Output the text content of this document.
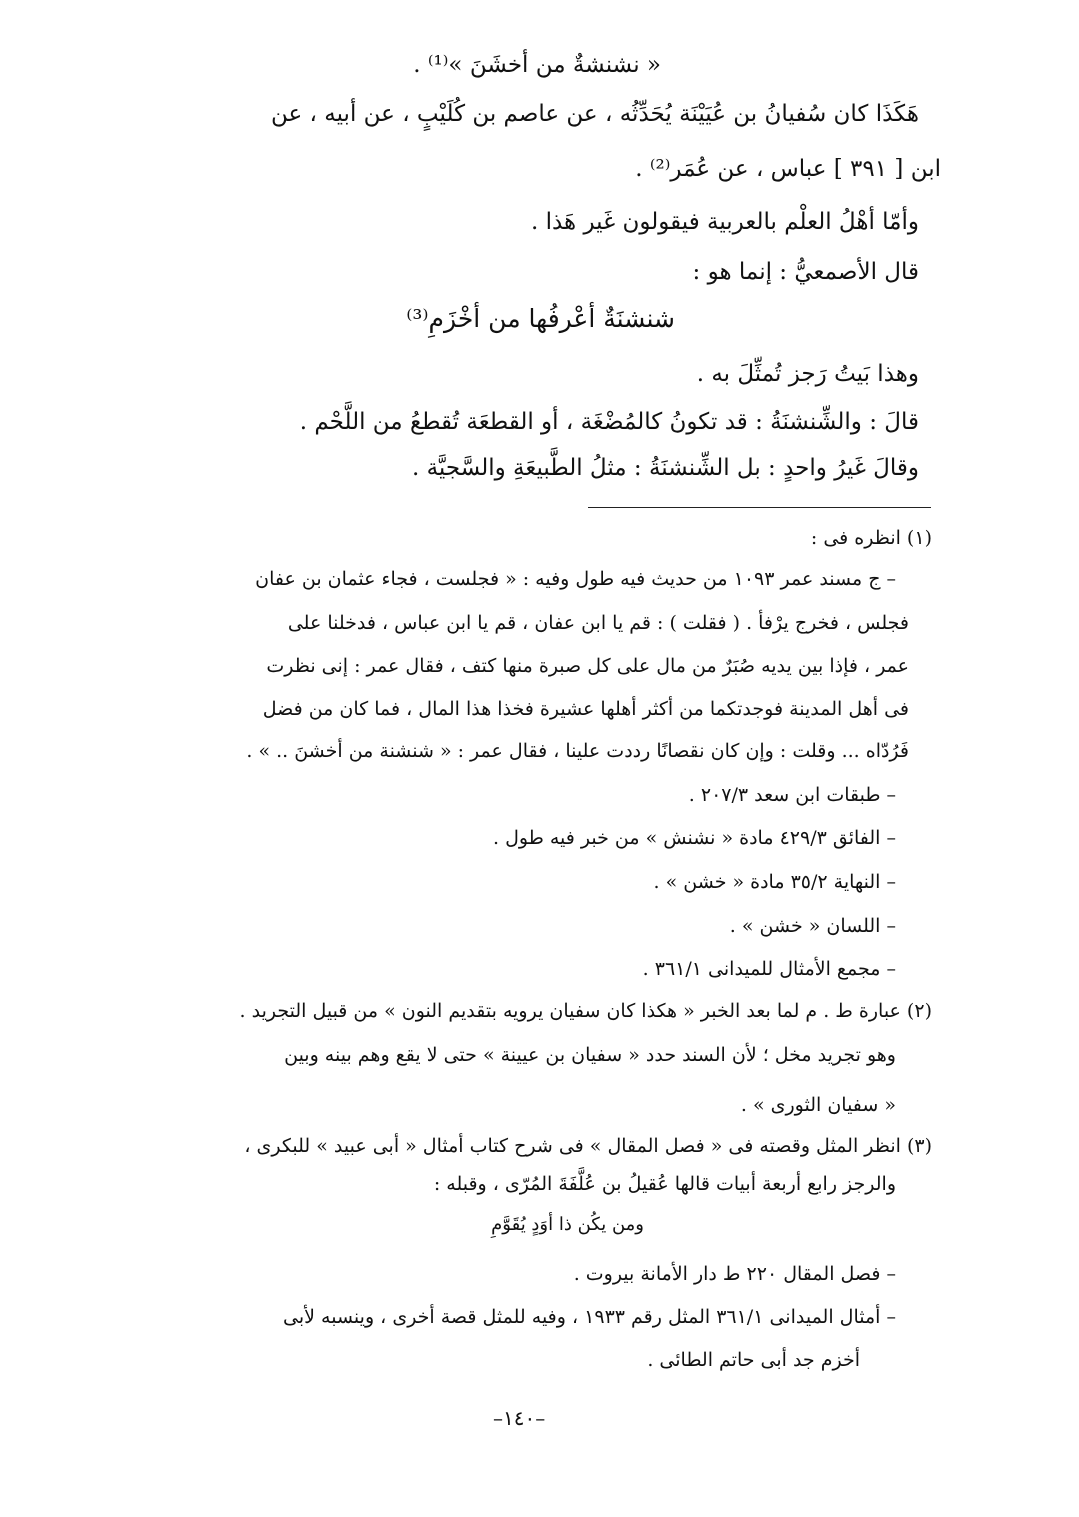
« نشنشةٌ من أخشَنَ »⁽¹⁾ .
هَكَذَا كان سُفيانُ بن عُيَيْنَة يُحَدِّثُه ، عن عاصم بن كُلَيْبٍ ، عن أبيه ، عن
ابن [ ٣٩١ ] عباس ، عن عُمَر⁽²⁾ .
وأمّا أهْلُ العلْم بالعربية فيقولون غَير هَذا .
قال الأصمعيُّ : إنما هو :
شنشنَةٌ أعْرفُها من أخْزَمِ⁽³⁾
وهذا بَيتُ رَجز تُمثِّلَ به .
قالَ : والشِّنشنَةُ : قد تكونُ كالمُضْغَة ، أو القطعَة تُقطعُ من اللَّحْم .
وقالَ غَيرُ واحدٍ : بل الشِّنشنَةُ : مثلُ الطَّبيعَةِ والسَّجيَّة .
(١) انظره فى :
– ج مسند عمر ١٠٩٣ من حديث فيه طول وفيه : « فجلست ، فجاء عثمان بن عفان
فجلس ، فخرج يرْفأ . ( فقلت ) : قم يا ابن عفان ، قم يا ابن عباس ، فدخلنا على
عمر ، فإذا بين يديه صُبَرٌ من مال على كل صبرة منها كتف ، فقال عمر : إنى نظرت
فى أهل المدينة فوجدتكما من أكثر أهلها عشيرة فخذا هذا المال ، فما كان من فضل
فَرُدّاه ... وقلت : وإن كان نقصانًا رددت علينا ، فقال عمر : « شنشنة من أخشنَ .. » .
– طبقات ابن سعد ٢٠٧/٣ .
– الفائق ٤٢٩/٣ مادة « نشنش » من خبر فيه طول .
– النهاية ٣٥/٢ مادة « خشن » .
– اللسان « خشن » .
– مجمع الأمثال للميدانى ٣٦١/١ .
(٢) عبارة ط . م لما بعد الخبر « هكذا كان سفيان يرويه بتقديم النون » من قبيل التجريد .
وهو تجريد مخل ؛ لأن السند حدد « سفيان بن عيينة » حتى لا يقع وهم بينه وبين
« سفيان الثورى » .
(٣) انظر المثل وقصته فى « فصل المقال » فى شرح كتاب أمثال « أبى عبيد » للبكرى ،
والرجز رابع أربعة أبيات قالها عُقيلُ بن عُلَّفَةَ المُرّى ، وقبله :
ومن يكُن ذا أوَدٍ يُقَوَّمِ
– فصل المقال ٢٢٠ ط دار الأمانة بيروت .
– أمثال الميدانى ٣٦١/١ المثل رقم ١٩٣٣ ، وفيه للمثل قصة أخرى ، وينسبه لأبى
أخزم جد أبى حاتم الطائى .
–١٤٠–
